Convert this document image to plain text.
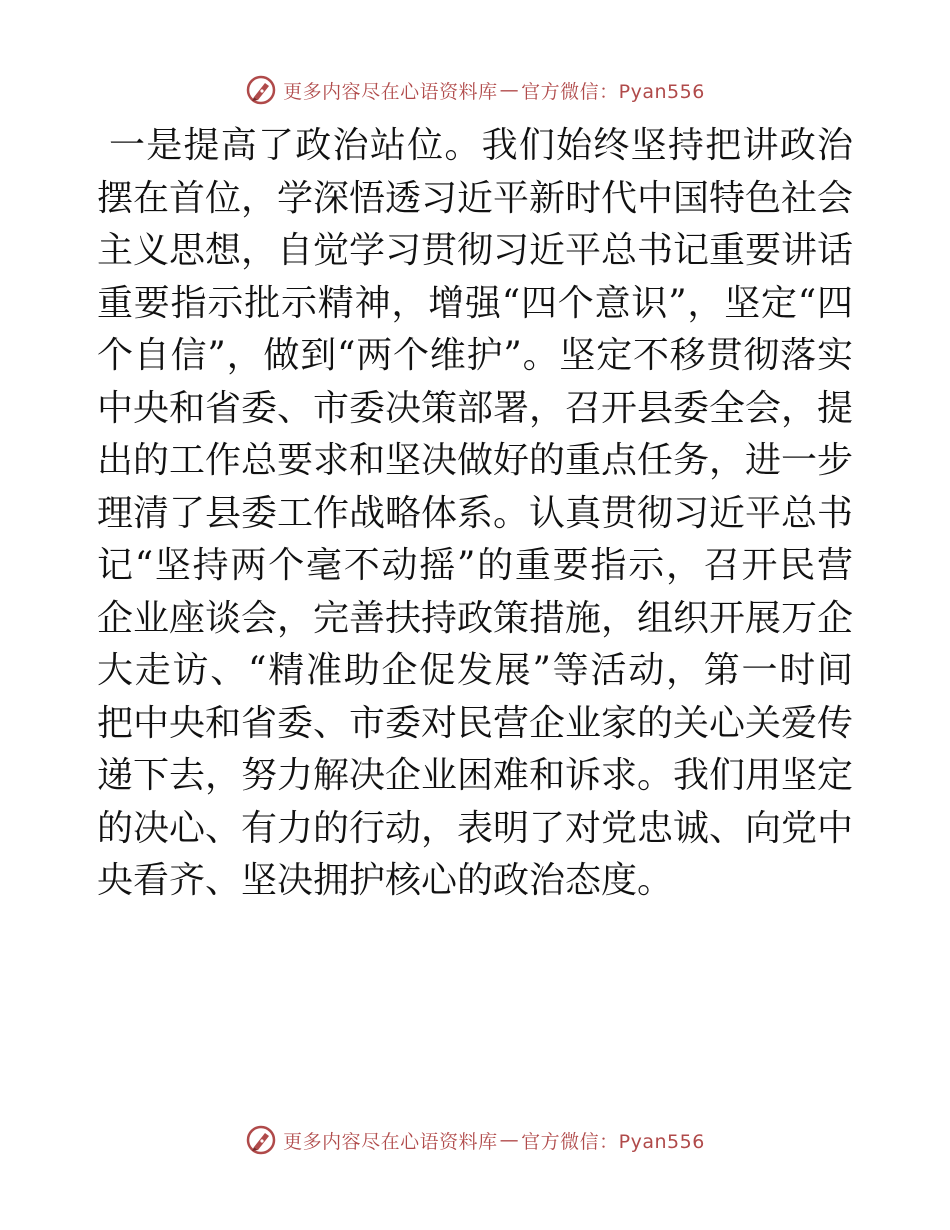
更多内容尽在心语资料库 — 官方微信：Pyan556

一是提高了政治站位。我们始终坚持把讲政治摆在首位，学深悟透习近平新时代中国特色社会主义思想，自觉学习贯彻习近平总书记重要讲话重要指示批示精神，增强“四个意识”，坚定“四个自信”，做到“两个维护”。坚定不移贯彻落实中央和省委、市委决策部署，召开县委全会，提出的工作总要求和坚决做好的重点任务，进一步理清了县委工作战略体系。认真贯彻习近平总书记“坚持两个毫不动摇”的重要指示，召开民营企业座谈会，完善扶持政策措施，组织开展万企大走访、“精准助企促发展”等活动，第一时间把中央和省委、市委对民营企业家的关心关爱传递下去，努力解决企业困难和诉求。我们用坚定的决心、有力的行动，表明了对党忠诚、向党中央看齐、坚决拥护核心的政治态度。

更多内容尽在心语资料库 — 官方微信：Pyan556
